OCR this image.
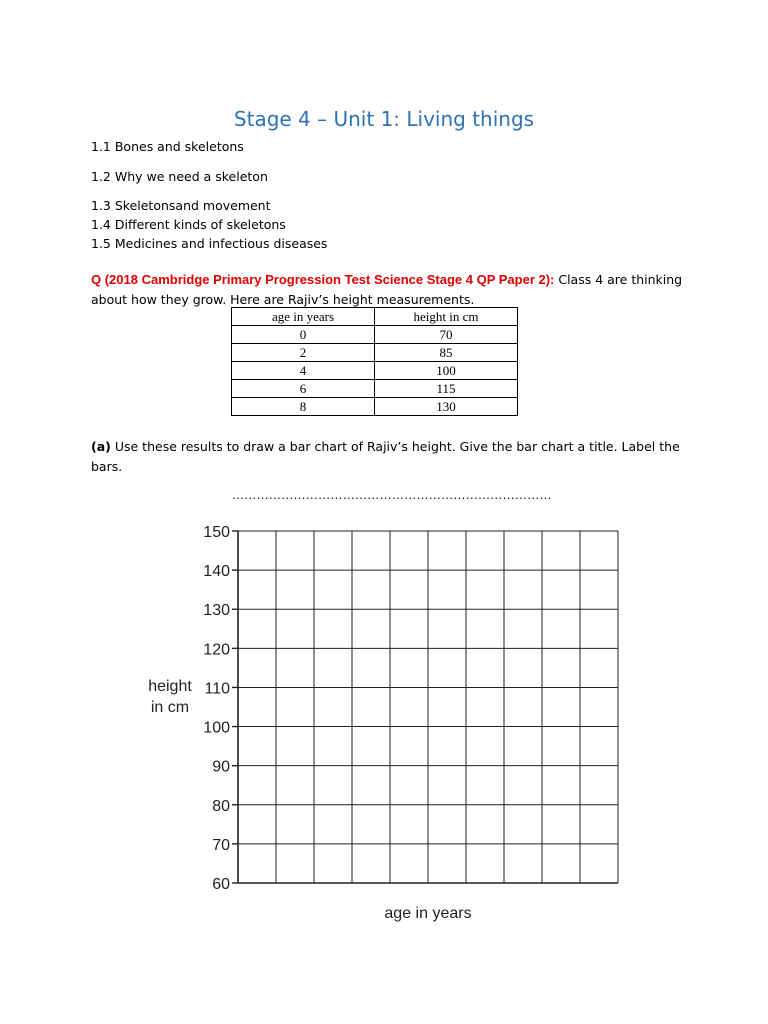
Stage 4 – Unit 1: Living things
1.1 Bones and skeletons
1.2 Why we need a skeleton
1.3 Skeletonsand movement
1.4 Different kinds of skeletons
1.5 Medicines and infectious diseases
Q (2018 Cambridge Primary Progression Test Science Stage 4 QP Paper 2): Class 4 are thinking about how they grow. Here are Rajiv’s height measurements.
age in years	height in cm
0	70
2	85
4	100
6	115
8	130
(a) Use these results to draw a bar chart of Rajiv’s height. Give the bar chart a title. Label the bars.
……………………………………………………………………
150
140
130
120
110
100
90
80
70
60
height
in cm
age in years
